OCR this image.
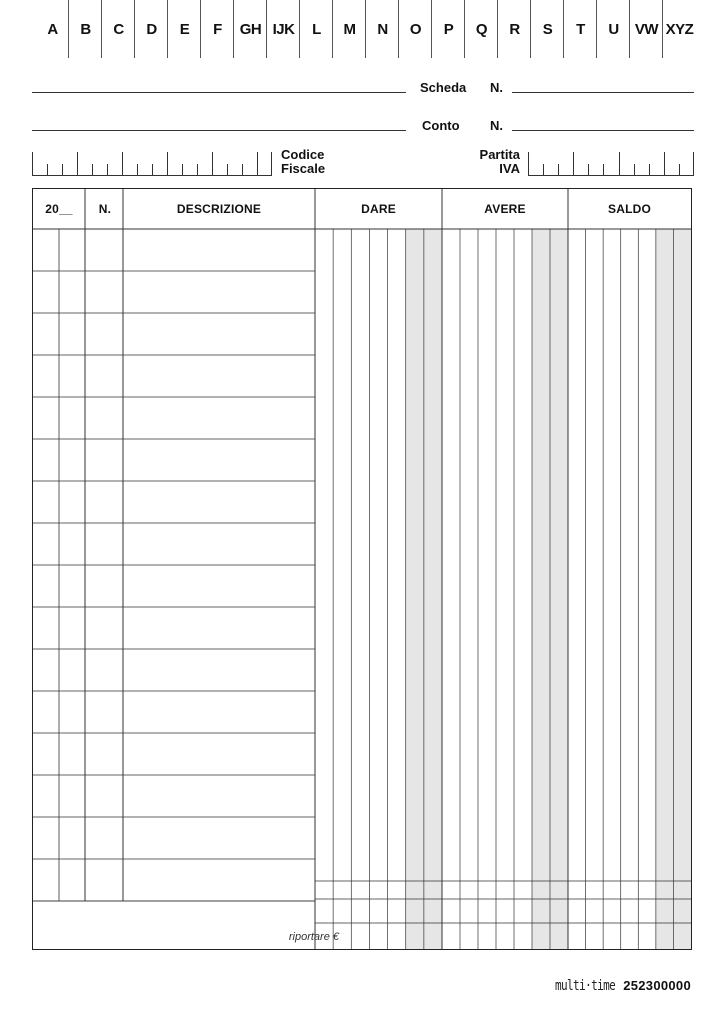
A	B	C	D	E	F	GH IJK	L	M	N	O	P	Q	R	S	T	U	VW XYZ
Scheda N.
Conto N.
Codice
Fiscale
Partita
IVA
20__	N.	DESCRIZIONE	DARE	AVERE	SALDO
riportare €
multi·time 252300000
